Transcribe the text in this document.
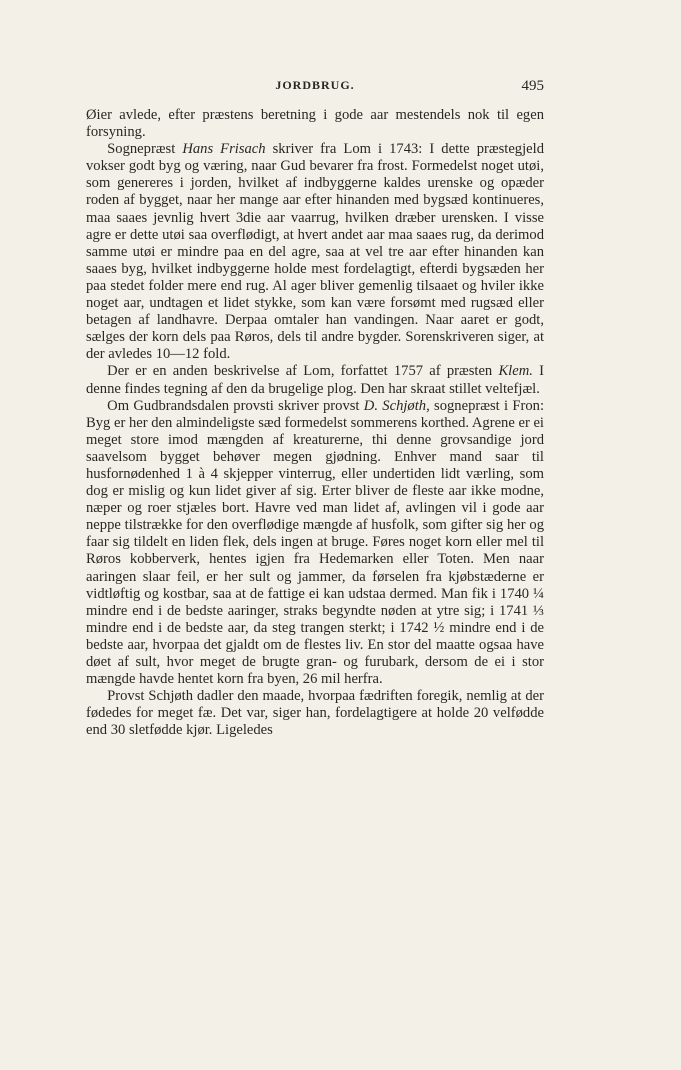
JORDBRUG.	495

Øier avlede, efter præstens beretning i gode aar mestendels nok til egen forsyning.

Sognepræst Hans Frisach skriver fra Lom i 1743: I dette præstegjeld vokser godt byg og væring, naar Gud bevarer fra frost. Formedelst noget utøi, som genereres i jorden, hvilket af indbyggerne kaldes urenske og opæder roden af bygget, naar her mange aar efter hinanden med bygsæd kontinueres, maa saaes jevnlig hvert 3die aar vaarrug, hvilken dræber urensken. I visse agre er dette utøi saa overflødigt, at hvert andet aar maa saaes rug, da derimod samme utøi er mindre paa en del agre, saa at vel tre aar efter hinanden kan saaes byg, hvilket indbyggerne holde mest fordelagtigt, efterdi bygsæden her paa stedet folder mere end rug. Al ager bliver gemenlig tilsaaet og hviler ikke noget aar, undtagen et lidet stykke, som kan være forsømt med rugsæd eller betagen af landhavre. Derpaa omtaler han vandingen. Naar aaret er godt, sælges der korn dels paa Røros, dels til andre bygder. Sorenskriveren siger, at der avledes 10—12 fold.

Der er en anden beskrivelse af Lom, forfattet 1757 af præsten Klem. I denne findes tegning af den da brugelige plog. Den har skraat stillet veltefjæl.

Om Gudbrandsdalen provsti skriver provst D. Schjøth, sognepræst i Fron: Byg er her den almindeligste sæd formedelst sommerens korthed. Agrene er ei meget store imod mængden af kreaturerne, thi denne grovsandige jord saavelsom bygget behøver megen gjødning. Enhver mand saar til husfornødenhed 1 à 4 skjepper vinterrug, eller undertiden lidt værling, som dog er mislig og kun lidet giver af sig. Erter bliver de fleste aar ikke modne, næper og roer stjæles bort. Havre ved man lidet af, avlingen vil i gode aar neppe tilstrække for den overflødige mængde af husfolk, som gifter sig her og faar sig tildelt en liden flek, dels ingen at bruge. Føres noget korn eller mel til Røros kobberverk, hentes igjen fra Hedemarken eller Toten. Men naar aaringen slaar feil, er her sult og jammer, da førselen fra kjøbstæderne er vidtløftig og kostbar, saa at de fattige ei kan udstaa dermed. Man fik i 1740 ¼ mindre end i de bedste aaringer, straks begyndte nøden at ytre sig; i 1741 ⅓ mindre end i de bedste aar, da steg trangen sterkt; i 1742 ½ mindre end i de bedste aar, hvorpaa det gjaldt om de flestes liv. En stor del maatte ogsaa have døet af sult, hvor meget de brugte gran- og furubark, dersom de ei i stor mængde havde hentet korn fra byen, 26 mil herfra.

Provst Schjøth dadler den maade, hvorpaa fædriften foregik, nemlig at der fødedes for meget fæ. Det var, siger han, fordelagtigere at holde 20 velfødde end 30 sletfødde kjør. Ligeledes
